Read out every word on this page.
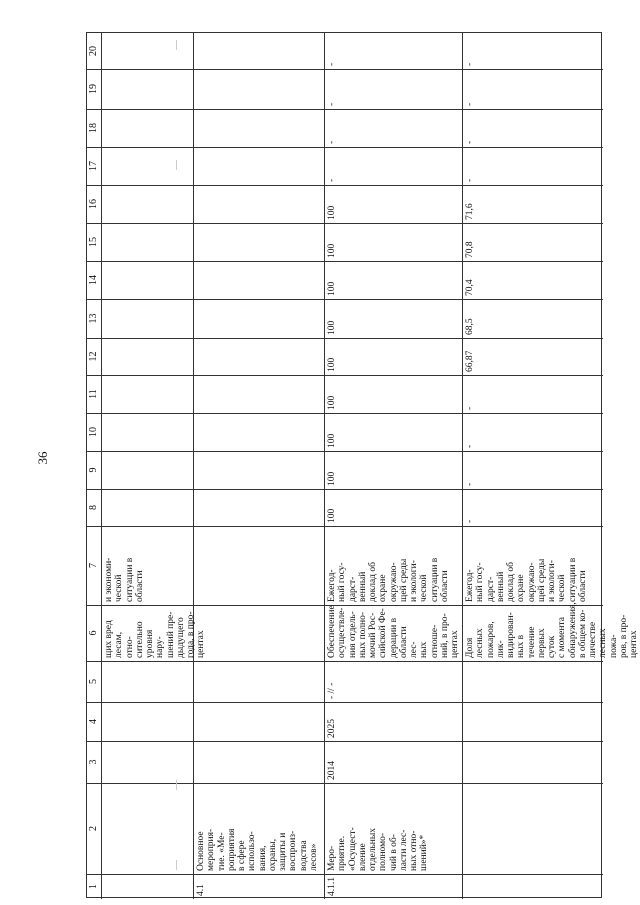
36
1
2
3
4
5
6
7
8
9
10
11
12
13
14
15
16
17
18
19
20
щих вред
лесам, отно-
сительно
уровня нару-
шений пре-
дыдущего
года, в про-
центах
и экономи-
ческой
ситуации в
области
4.1
Основное
мероприя-
тие. «Ме-
роприятия
в сфере
использо-
вания,
охраны,
защиты и
воспроиз-
водства
лесов»
4.1.1
Меро-
приятие.
«Осущест-
вление
отдельных
полномо-
чий в об-
ласти лес-
ных отно-
шений»*
2014
2025
- // -
Обеспечение
осуществле-
ния отдель-
ных полно-
мочий Рос-
сийской Фе-
дерации в
области лес-
ных отноше-
ний, в про-
центах
Ежегод-
ный госу-
дарст-
венный
доклад об
охране
окружаю-
щей среды
и экологи-
ческой
ситуации в
области
100
100
100
100
100
100
100
100
100
-
-
-
-
Доля лесных
пожаров, лик-
видирован-
ных в течение
первых суток
с момента
обнаружения,
в общем ко-
личестве
лесных пожа-
ров, в про-
центах
Ежегод-
ный госу-
дарст-
венный
доклад об
охране
окружаю-
щей среды
и экологи-
ческой
ситуации в
области
-
-
-
-
66,87
68,5
70,4
70,8
71,6
-
-
-
-
